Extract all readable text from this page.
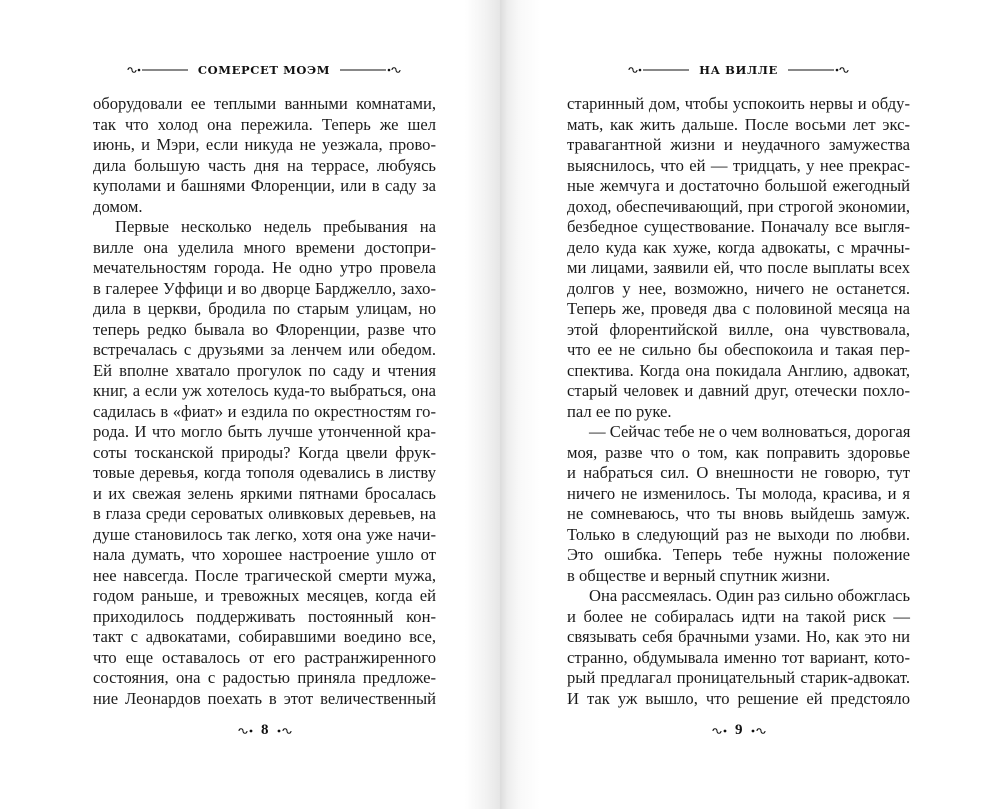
СОМЕРСЕТ МОЭМ
оборудовали ее теплыми ванными комнатами,
так что холод она пережила. Теперь же шел
июнь, и Мэри, если никуда не уезжала, прово-
дила большую часть дня на террасе, любуясь
куполами и башнями Флоренции, или в саду за
домом.
Первые несколько недель пребывания на
вилле она уделила много времени достопри-
мечательностям города. Не одно утро провела
в галерее Уффици и во дворце Барджелло, захо-
дила в церкви, бродила по старым улицам, но
теперь редко бывала во Флоренции, разве что
встречалась с друзьями за ленчем или обедом.
Ей вполне хватало прогулок по саду и чтения
книг, а если уж хотелось куда-то выбраться, она
садилась в «фиат» и ездила по окрестностям го-
рода. И что могло быть лучше утонченной кра-
соты тосканской природы? Когда цвели фрук-
товые деревья, когда тополя одевались в листву
и их свежая зелень яркими пятнами бросалась
в глаза среди сероватых оливковых деревьев, на
душе становилось так легко, хотя она уже начи-
нала думать, что хорошее настроение ушло от
нее навсегда. После трагической смерти мужа,
годом раньше, и тревожных месяцев, когда ей
приходилось поддерживать постоянный кон-
такт с адвокатами, собиравшими воедино все,
что еще оставалось от его растранжиренного
состояния, она с радостью приняла предложе-
ние Леонардов поехать в этот величественный
8
НА ВИЛЛЕ
старинный дом, чтобы успокоить нервы и обду-
мать, как жить дальше. После восьми лет экс-
травагантной жизни и неудачного замужества
выяснилось, что ей — тридцать, у нее прекрас-
ные жемчуга и достаточно большой ежегодный
доход, обеспечивающий, при строгой экономии,
безбедное существование. Поначалу все выгля-
дело куда как хуже, когда адвокаты, с мрачны-
ми лицами, заявили ей, что после выплаты всех
долгов у нее, возможно, ничего не останется.
Теперь же, проведя два с половиной месяца на
этой флорентийской вилле, она чувствовала,
что ее не сильно бы обеспокоила и такая пер-
спектива. Когда она покидала Англию, адвокат,
старый человек и давний друг, отечески похло-
пал ее по руке.
— Сейчас тебе не о чем волноваться, дорогая
моя, разве что о том, как поправить здоровье
и набраться сил. О внешности не говорю, тут
ничего не изменилось. Ты молода, красива, и я
не сомневаюсь, что ты вновь выйдешь замуж.
Только в следующий раз не выходи по любви.
Это ошибка. Теперь тебе нужны положение
в обществе и верный спутник жизни.
Она рассмеялась. Один раз сильно обожглась
и более не собиралась идти на такой риск —
связывать себя брачными узами. Но, как это ни
странно, обдумывала именно тот вариант, кото-
рый предлагал проницательный старик-адвокат.
И так уж вышло, что решение ей предстояло
9
